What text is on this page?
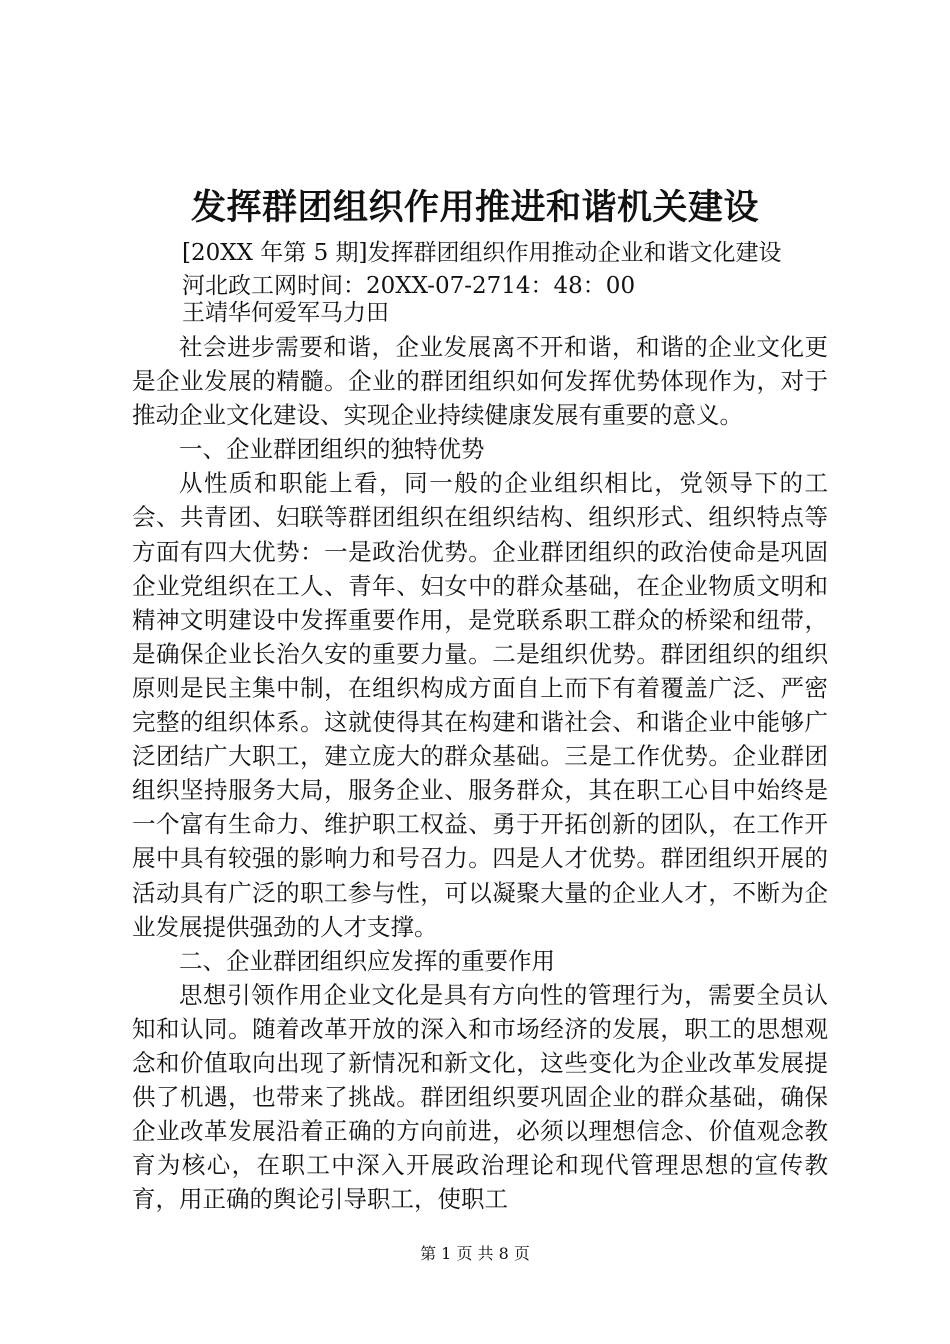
发挥群团组织作用推进和谐机关建设
[20XX 年第 5 期]发挥群团组织作用推动企业和谐文化建设
河北政工网时间：20XX-07-2714：48：00
王靖华何爱军马力田

社会进步需要和谐，企业发展离不开和谐，和谐的企业文化更是企业发展的精髓。企业的群团组织如何发挥优势体现作为，对于推动企业文化建设、实现企业持续健康发展有重要的意义。

一、企业群团组织的独特优势

从性质和职能上看，同一般的企业组织相比，党领导下的工会、共青团、妇联等群团组织在组织结构、组织形式、组织特点等方面有四大优势：一是政治优势。企业群团组织的政治使命是巩固企业党组织在工人、青年、妇女中的群众基础，在企业物质文明和精神文明建设中发挥重要作用，是党联系职工群众的桥梁和纽带，是确保企业长治久安的重要力量。二是组织优势。群团组织的组织原则是民主集中制，在组织构成方面自上而下有着覆盖广泛、严密完整的组织体系。这就使得其在构建和谐社会、和谐企业中能够广泛团结广大职工，建立庞大的群众基础。三是工作优势。企业群团组织坚持服务大局，服务企业、服务群众，其在职工心目中始终是一个富有生命力、维护职工权益、勇于开拓创新的团队，在工作开展中具有较强的影响力和号召力。四是人才优势。群团组织开展的活动具有广泛的职工参与性，可以凝聚大量的企业人才，不断为企业发展提供强劲的人才支撑。

二、企业群团组织应发挥的重要作用

思想引领作用企业文化是具有方向性的管理行为，需要全员认知和认同。随着改革开放的深入和市场经济的发展，职工的思想观念和价值取向出现了新情况和新文化，这些变化为企业改革发展提供了机遇，也带来了挑战。群团组织要巩固企业的群众基础，确保企业改革发展沿着正确的方向前进，必须以理想信念、价值观念教育为核心，在职工中深入开展政治理论和现代管理思想的宣传教育，用正确的舆论引导职工，使职工

第 1 页 共 8 页
